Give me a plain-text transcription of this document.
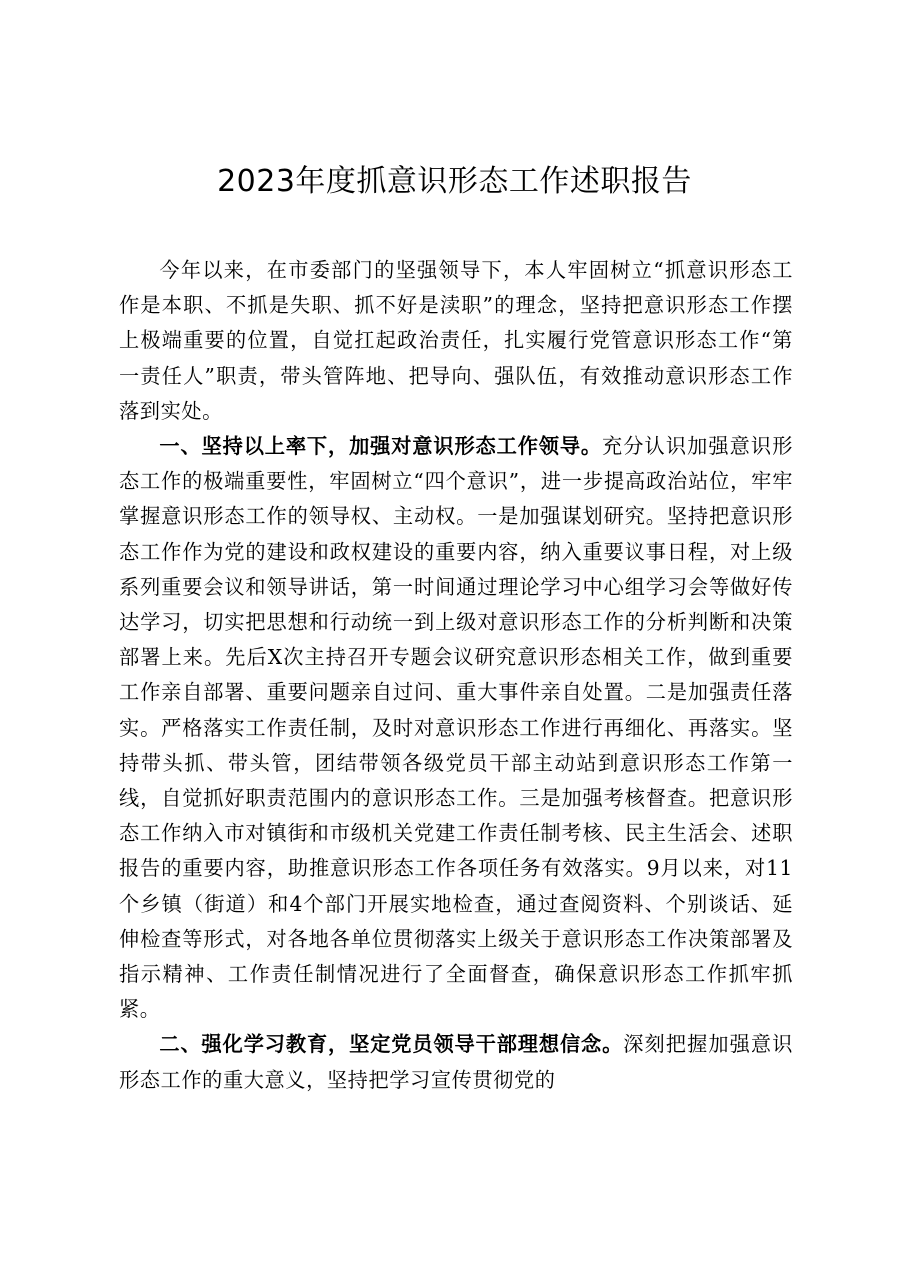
2023年度抓意识形态工作述职报告

今年以来，在市委部门的坚强领导下，本人牢固树立“抓意识形态工作是本职、不抓是失职、抓不好是渎职”的理念，坚持把意识形态工作摆上极端重要的位置，自觉扛起政治责任，扎实履行党管意识形态工作“第一责任人”职责，带头管阵地、把导向、强队伍，有效推动意识形态工作落到实处。

一、坚持以上率下，加强对意识形态工作领导。充分认识加强意识形态工作的极端重要性，牢固树立“四个意识”，进一步提高政治站位，牢牢掌握意识形态工作的领导权、主动权。一是加强谋划研究。坚持把意识形态工作作为党的建设和政权建设的重要内容，纳入重要议事日程，对上级系列重要会议和领导讲话，第一时间通过理论学习中心组学习会等做好传达学习，切实把思想和行动统一到上级对意识形态工作的分析判断和决策部署上来。先后X次主持召开专题会议研究意识形态相关工作，做到重要工作亲自部署、重要问题亲自过问、重大事件亲自处置。二是加强责任落实。严格落实工作责任制，及时对意识形态工作进行再细化、再落实。坚持带头抓、带头管，团结带领各级党员干部主动站到意识形态工作第一线，自觉抓好职责范围内的意识形态工作。三是加强考核督查。把意识形态工作纳入市对镇街和市级机关党建工作责任制考核、民主生活会、述职报告的重要内容，助推意识形态工作各项任务有效落实。9月以来，对11个乡镇（街道）和4个部门开展实地检查，通过查阅资料、个别谈话、延伸检查等形式，对各地各单位贯彻落实上级关于意识形态工作决策部署及指示精神、工作责任制情况进行了全面督查，确保意识形态工作抓牢抓紧。

二、强化学习教育，坚定党员领导干部理想信念。深刻把握加强意识形态工作的重大意义，坚持把学习宣传贯彻党的
